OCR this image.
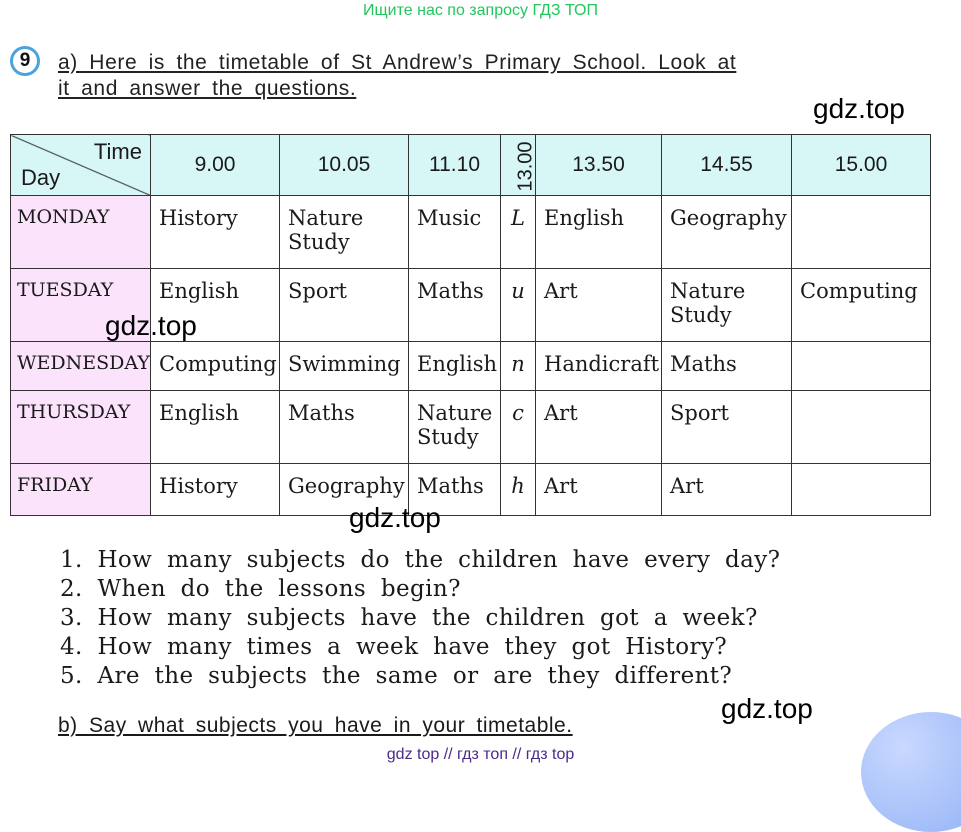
Ищите нас по запросу ГДЗ ТОП
9	a) Here is the timetable of St Andrew’s Primary School. Look at
it and answer the questions.
gdz.top
Time
Day	9.00	10.05	11.10	13.00	13.50	14.55	15.00
MONDAY	History	Nature Study	Music	L	English	Geography	
TUESDAY	English	Sport	Maths	u	Art	Nature Study	Computing
WEDNESDAY	Computing	Swimming	English	n	Handicraft	Maths	
THURSDAY	English	Maths	Nature Study	c	Art	Sport	
FRIDAY	History	Geography	Maths	h	Art	Art	
gdz.top
gdz.top
1. How many subjects do the children have every day?
2. When do the lessons begin?
3. How many subjects have the children got a week?
4. How many times a week have they got History?
5. Are the subjects the same or are they different?
gdz.top
b) Say what subjects you have in your timetable.
gdz top // гдз топ // гдз top
